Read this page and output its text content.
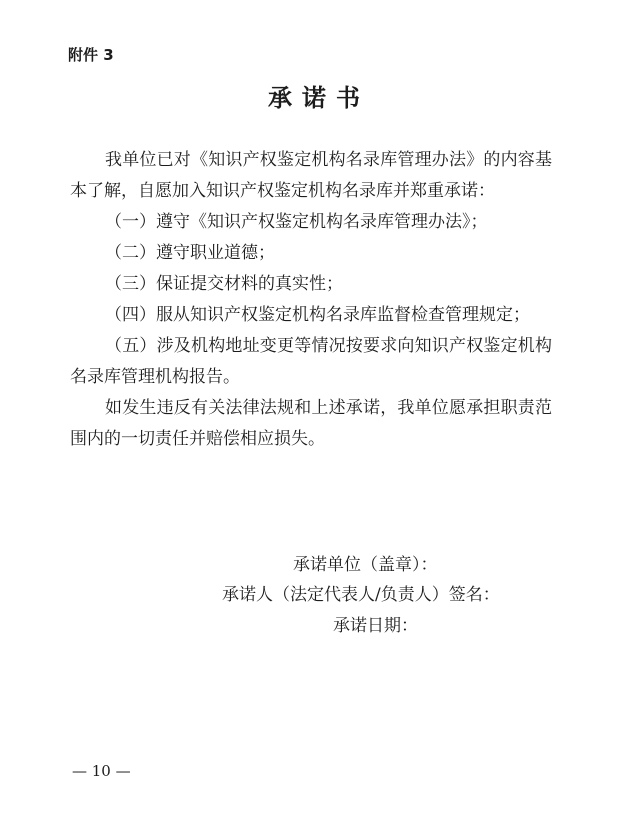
附件 3
承诺书
我单位已对《知识产权鉴定机构名录库管理办法》的内容基
本了解，自愿加入知识产权鉴定机构名录库并郑重承诺：
（一）遵守《知识产权鉴定机构名录库管理办法》；
（二）遵守职业道德；
（三）保证提交材料的真实性；
（四）服从知识产权鉴定机构名录库监督检查管理规定；
（五）涉及机构地址变更等情况按要求向知识产权鉴定机构
名录库管理机构报告。
如发生违反有关法律法规和上述承诺，我单位愿承担职责范
围内的一切责任并赔偿相应损失。
承诺单位（盖章）：
承诺人（法定代表人/负责人）签名：
承诺日期：
— 10 —
